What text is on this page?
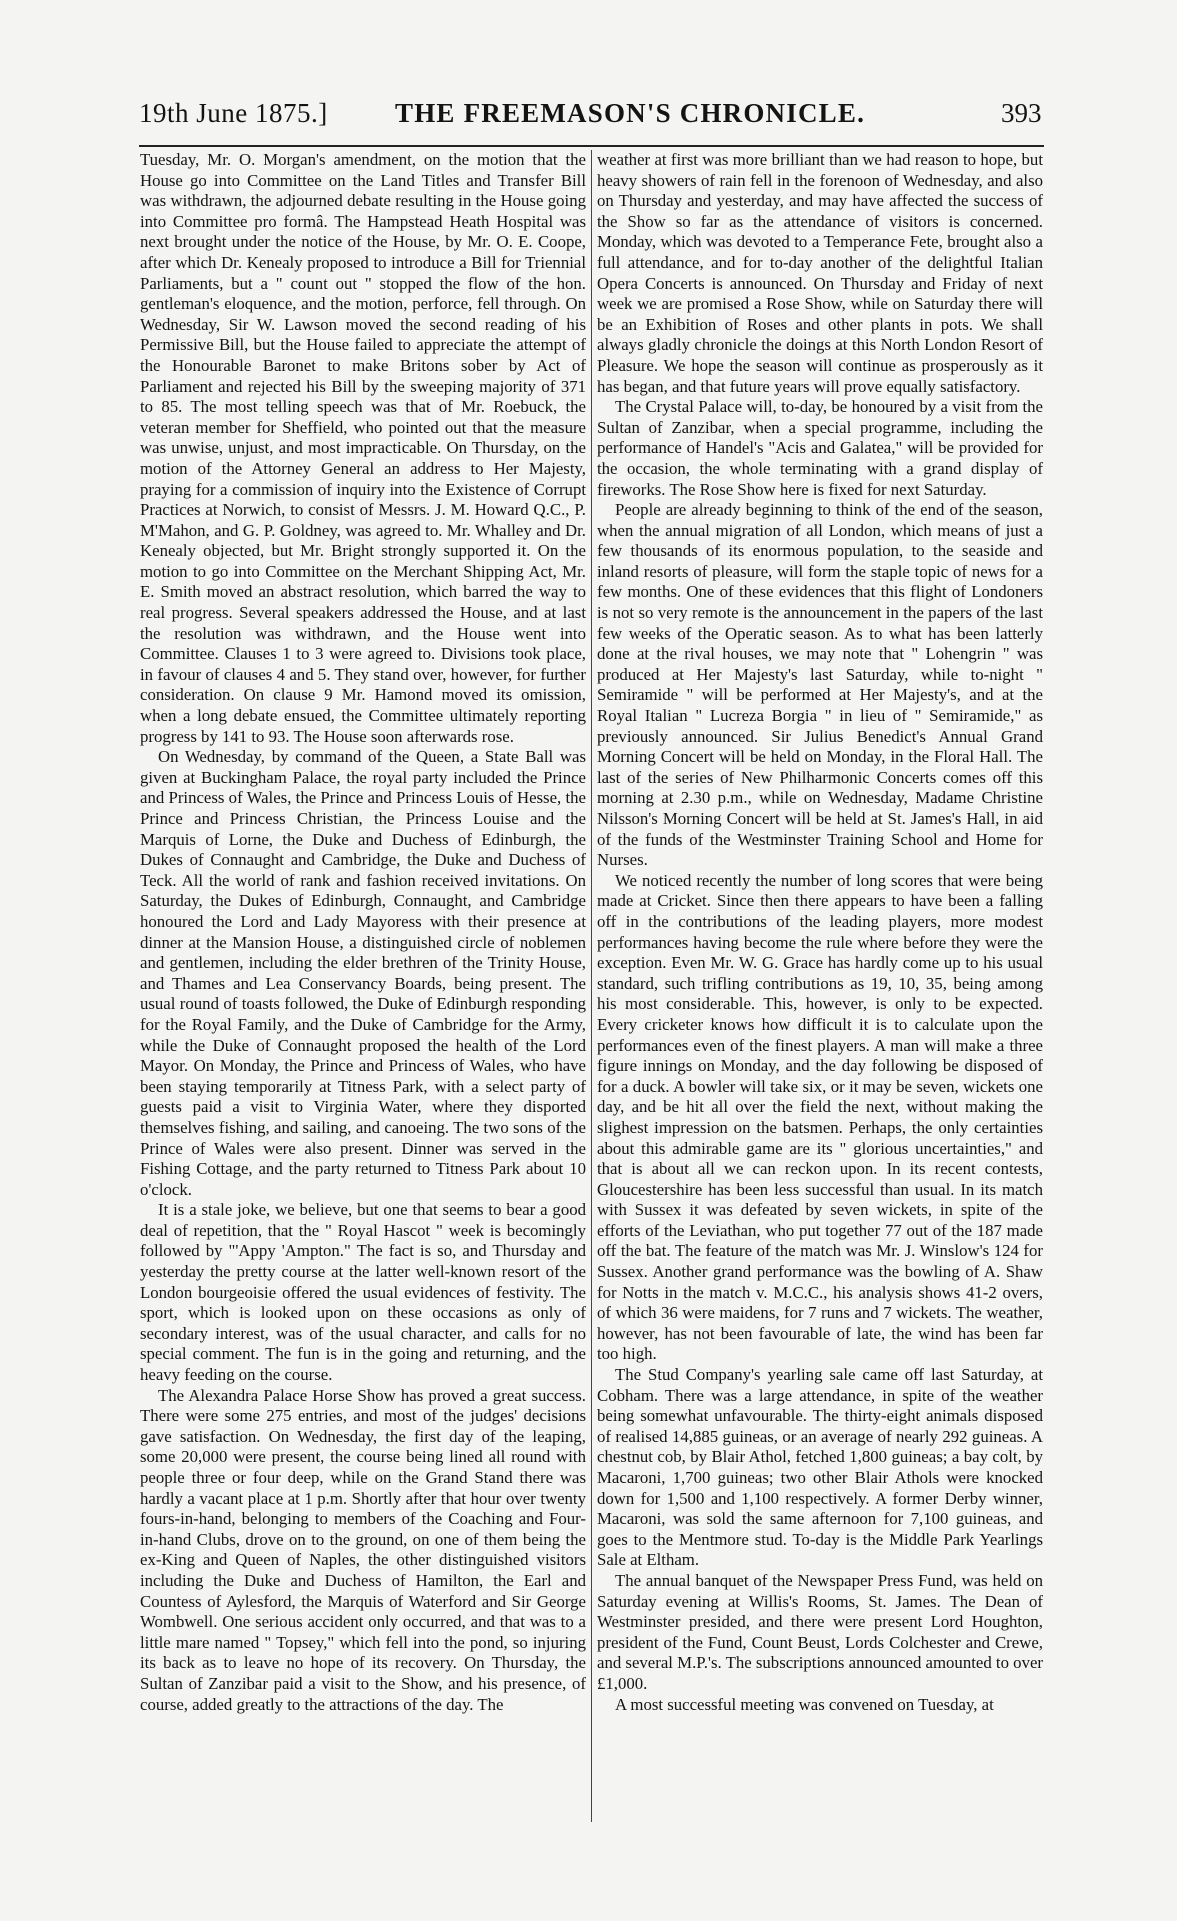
19th June 1875.] THE FREEMASON'S CHRONICLE.	393

Tuesday, Mr. O. Morgan's amendment, on the motion that the House go into Committee on the Land Titles and Transfer Bill was withdrawn, the adjourned debate resulting in the House going into Committee pro formâ. The Hampstead Heath Hospital was next brought under the notice of the House, by Mr. O. E. Coope, after which Dr. Kenealy proposed to introduce a Bill for Triennial Parliaments, but a " count out " stopped the flow of the hon. gentleman's eloquence, and the motion, perforce, fell through. On Wednesday, Sir W. Lawson moved the second reading of his Permissive Bill, but the House failed to appreciate the attempt of the Honourable Baronet to make Britons sober by Act of Parliament and rejected his Bill by the sweeping majority of 371 to 85. The most telling speech was that of Mr. Roebuck, the veteran member for Sheffield, who pointed out that the measure was unwise, unjust, and most impracticable. On Thursday, on the motion of the Attorney General an address to Her Majesty, praying for a commission of inquiry into the Existence of Corrupt Practices at Norwich, to consist of Messrs. J. M. Howard Q.C., P. M'Mahon, and G. P. Goldney, was agreed to. Mr. Whalley and Dr. Kenealy objected, but Mr. Bright strongly supported it. On the motion to go into Committee on the Merchant Shipping Act, Mr. E. Smith moved an abstract resolution, which barred the way to real progress. Several speakers addressed the House, and at last the resolution was withdrawn, and the House went into Committee. Clauses 1 to 3 were agreed to. Divisions took place, in favour of clauses 4 and 5. They stand over, however, for further consideration. On clause 9 Mr. Hamond moved its omission, when a long debate ensued, the Committee ultimately reporting progress by 141 to 93. The House soon afterwards rose.

On Wednesday, by command of the Queen, a State Ball was given at Buckingham Palace, the royal party included the Prince and Princess of Wales, the Prince and Princess Louis of Hesse, the Prince and Princess Christian, the Princess Louise and the Marquis of Lorne, the Duke and Duchess of Edinburgh, the Dukes of Connaught and Cambridge, the Duke and Duchess of Teck. All the world of rank and fashion received invitations. On Saturday, the Dukes of Edinburgh, Connaught, and Cambridge honoured the Lord and Lady Mayoress with their presence at dinner at the Mansion House, a distinguished circle of noblemen and gentlemen, including the elder brethren of the Trinity House, and Thames and Lea Conservancy Boards, being present. The usual round of toasts followed, the Duke of Edinburgh responding for the Royal Family, and the Duke of Cambridge for the Army, while the Duke of Connaught proposed the health of the Lord Mayor. On Monday, the Prince and Princess of Wales, who have been staying temporarily at Titness Park, with a select party of guests paid a visit to Virginia Water, where they disported themselves fishing, and sailing, and canoeing. The two sons of the Prince of Wales were also present. Dinner was served in the Fishing Cottage, and the party returned to Titness Park about 10 o'clock.

It is a stale joke, we believe, but one that seems to bear a good deal of repetition, that the " Royal Hascot " week is becomingly followed by "'Appy 'Ampton." The fact is so, and Thursday and yesterday the pretty course at the latter well-known resort of the London bourgeoisie offered the usual evidences of festivity. The sport, which is looked upon on these occasions as only of secondary interest, was of the usual character, and calls for no special comment. The fun is in the going and returning, and the heavy feeding on the course.

The Alexandra Palace Horse Show has proved a great success. There were some 275 entries, and most of the judges' decisions gave satisfaction. On Wednesday, the first day of the leaping, some 20,000 were present, the course being lined all round with people three or four deep, while on the Grand Stand there was hardly a vacant place at 1 p.m. Shortly after that hour over twenty fours-in-hand, belonging to members of the Coaching and Four-in-hand Clubs, drove on to the ground, on one of them being the ex-King and Queen of Naples, the other distinguished visitors including the Duke and Duchess of Hamilton, the Earl and Countess of Aylesford, the Marquis of Waterford and Sir George Wombwell. One serious accident only occurred, and that was to a little mare named " Topsey," which fell into the pond, so injuring its back as to leave no hope of its recovery. On Thursday, the Sultan of Zanzibar paid a visit to the Show, and his presence, of course, added greatly to the attractions of the day. The

weather at first was more brilliant than we had reason to hope, but heavy showers of rain fell in the forenoon of Wednesday, and also on Thursday and yesterday, and may have affected the success of the Show so far as the attendance of visitors is concerned. Monday, which was devoted to a Temperance Fete, brought also a full attendance, and for to-day another of the delightful Italian Opera Concerts is announced. On Thursday and Friday of next week we are promised a Rose Show, while on Saturday there will be an Exhibition of Roses and other plants in pots. We shall always gladly chronicle the doings at this North London Resort of Pleasure. We hope the season will continue as prosperously as it has began, and that future years will prove equally satisfactory.

The Crystal Palace will, to-day, be honoured by a visit from the Sultan of Zanzibar, when a special programme, including the performance of Handel's "Acis and Galatea," will be provided for the occasion, the whole terminating with a grand display of fireworks. The Rose Show here is fixed for next Saturday.

People are already beginning to think of the end of the season, when the annual migration of all London, which means of just a few thousands of its enormous population, to the seaside and inland resorts of pleasure, will form the staple topic of news for a few months. One of these evidences that this flight of Londoners is not so very remote is the announcement in the papers of the last few weeks of the Operatic season. As to what has been latterly done at the rival houses, we may note that " Lohengrin " was produced at Her Majesty's last Saturday, while to-night " Semiramide " will be performed at Her Majesty's, and at the Royal Italian " Lucreza Borgia " in lieu of " Semiramide," as previously announced. Sir Julius Benedict's Annual Grand Morning Concert will be held on Monday, in the Floral Hall. The last of the series of New Philharmonic Concerts comes off this morning at 2.30 p.m., while on Wednesday, Madame Christine Nilsson's Morning Concert will be held at St. James's Hall, in aid of the funds of the Westminster Training School and Home for Nurses.

We noticed recently the number of long scores that were being made at Cricket. Since then there appears to have been a falling off in the contributions of the leading players, more modest performances having become the rule where before they were the exception. Even Mr. W. G. Grace has hardly come up to his usual standard, such trifling contributions as 19, 10, 35, being among his most considerable. This, however, is only to be expected. Every cricketer knows how difficult it is to calculate upon the performances even of the finest players. A man will make a three figure innings on Monday, and the day following be disposed of for a duck. A bowler will take six, or it may be seven, wickets one day, and be hit all over the field the next, without making the slighest impression on the batsmen. Perhaps, the only certainties about this admirable game are its " glorious uncertainties," and that is about all we can reckon upon. In its recent contests, Gloucestershire has been less successful than usual. In its match with Sussex it was defeated by seven wickets, in spite of the efforts of the Leviathan, who put together 77 out of the 187 made off the bat. The feature of the match was Mr. J. Winslow's 124 for Sussex. Another grand performance was the bowling of A. Shaw for Notts in the match v. M.C.C., his analysis shows 41-2 overs, of which 36 were maidens, for 7 runs and 7 wickets. The weather, however, has not been favourable of late, the wind has been far too high.

The Stud Company's yearling sale came off last Saturday, at Cobham. There was a large attendance, in spite of the weather being somewhat unfavourable. The thirty-eight animals disposed of realised 14,885 guineas, or an average of nearly 292 guineas. A chestnut cob, by Blair Athol, fetched 1,800 guineas; a bay colt, by Macaroni, 1,700 guineas; two other Blair Athols were knocked down for 1,500 and 1,100 respectively. A former Derby winner, Macaroni, was sold the same afternoon for 7,100 guineas, and goes to the Mentmore stud. To-day is the Middle Park Yearlings Sale at Eltham.

The annual banquet of the Newspaper Press Fund, was held on Saturday evening at Willis's Rooms, St. James. The Dean of Westminster presided, and there were present Lord Houghton, president of the Fund, Count Beust, Lords Colchester and Crewe, and several M.P.'s. The subscriptions announced amounted to over £1,000.

A most successful meeting was convened on Tuesday, at
